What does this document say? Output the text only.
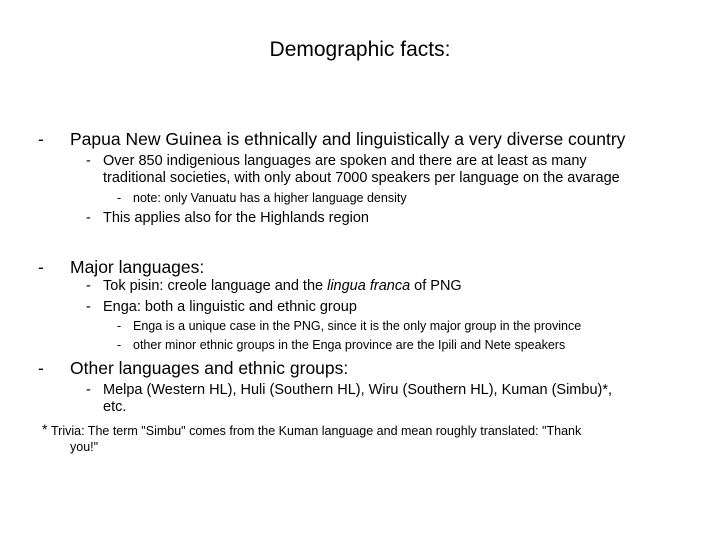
Demographic facts:
- Papua New Guinea is ethnically and linguistically a very diverse country
- Over 850 indigenious languages are spoken and there are at least as many
traditional societies, with only about 7000 speakers per language on the avarage
- note: only Vanuatu has a higher language density
- This applies also for the Highlands region
- Major languages:
- Tok pisin: creole language and the lingua franca of PNG
- Enga: both a linguistic and ethnic group
- Enga is a unique case in the PNG, since it is the only major group in the province
- other minor ethnic groups in the Enga province are the Ipili and Nete speakers
- Other languages and ethnic groups:
- Melpa (Western HL), Huli (Southern HL), Wiru (Southern HL), Kuman (Simbu)*,
etc.
* Trivia: The term "Simbu" comes from the Kuman language and mean roughly translated: "Thank
you!"
